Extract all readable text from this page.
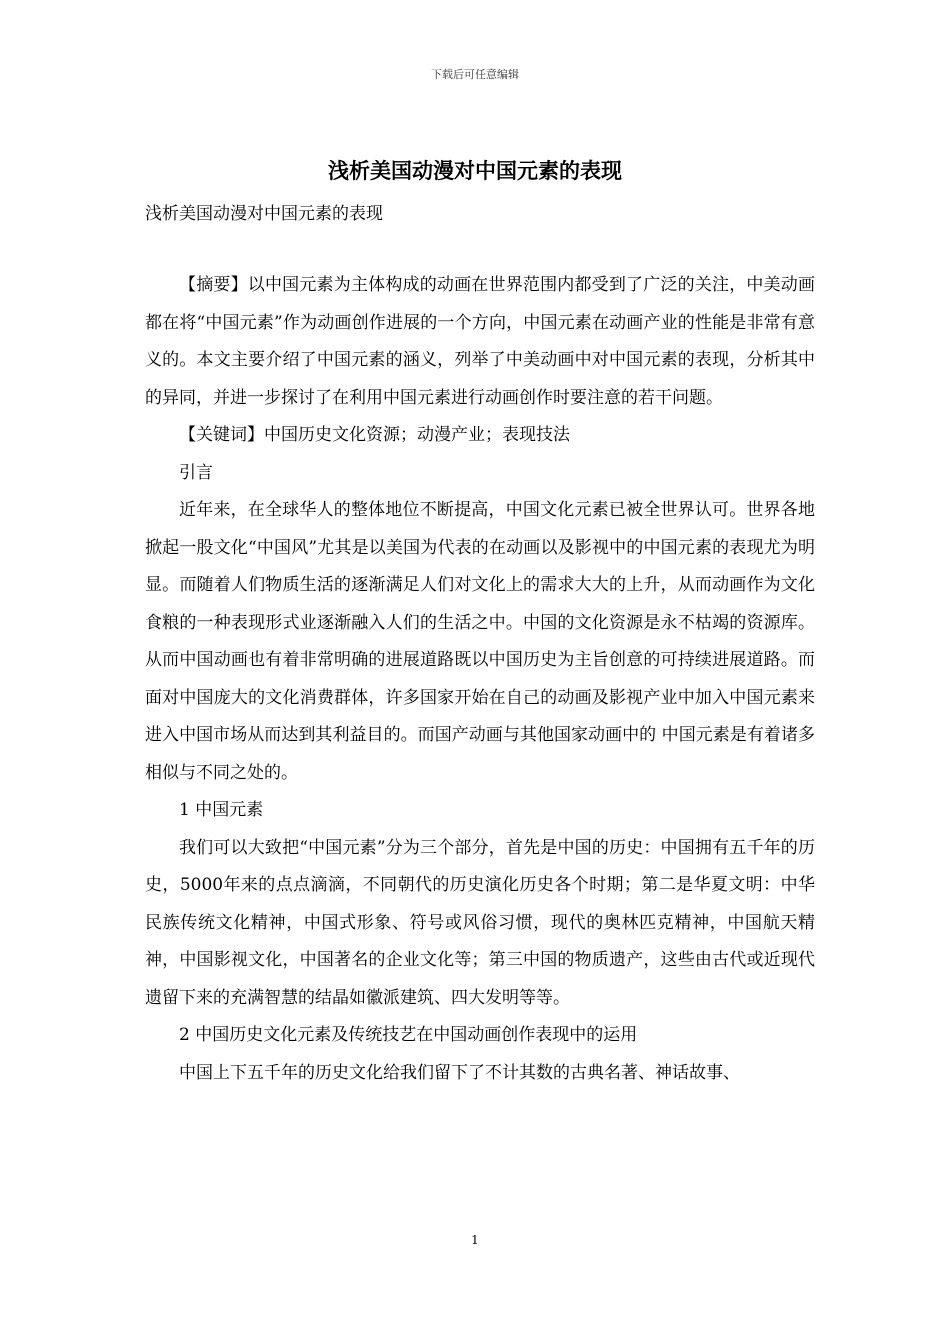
下载后可任意编辑
浅析美国动漫对中国元素的表现
浅析美国动漫对中国元素的表现

【摘要】以中国元素为主体构成的动画在世界范围内都受到了广泛的关注，中美动画都在将“中国元素”作为动画创作进展的一个方向，中国元素在动画产业的性能是非常有意义的。本文主要介绍了中国元素的涵义，列举了中美动画中对中国元素的表现，分析其中的异同，并进一步探讨了在利用中国元素进行动画创作时要注意的若干问题。

【关键词】中国历史文化资源；动漫产业；表现技法

引言

近年来，在全球华人的整体地位不断提高，中国文化元素已被全世界认可。世界各地掀起一股文化“中国风”尤其是以美国为代表的在动画以及影视中的中国元素的表现尤为明显。而随着人们物质生活的逐渐满足人们对文化上的需求大大的上升，从而动画作为文化食粮的一种表现形式业逐渐融入人们的生活之中。中国的文化资源是永不枯竭的资源库。从而中国动画也有着非常明确的进展道路既以中国历史为主旨创意的可持续进展道路。而面对中国庞大的文化消费群体，许多国家开始在自己的动画及影视产业中加入中国元素来进入中国市场从而达到其利益目的。而国产动画与其他国家动画中的 中国元素是有着诸多相似与不同之处的。

1 中国元素

我们可以大致把“中国元素”分为三个部分，首先是中国的历史：中国拥有五千年的历史，5000年来的点点滴滴，不同朝代的历史演化历史各个时期；第二是华夏文明：中华民族传统文化精神，中国式形象、符号或风俗习惯，现代的奥林匹克精神，中国航天精神，中国影视文化，中国著名的企业文化等；第三中国的物质遗产，这些由古代或近现代遗留下来的充满智慧的结晶如徽派建筑、四大发明等等。

2 中国历史文化元素及传统技艺在中国动画创作表现中的运用

中国上下五千年的历史文化给我们留下了不计其数的古典名著、神话故事、

1
